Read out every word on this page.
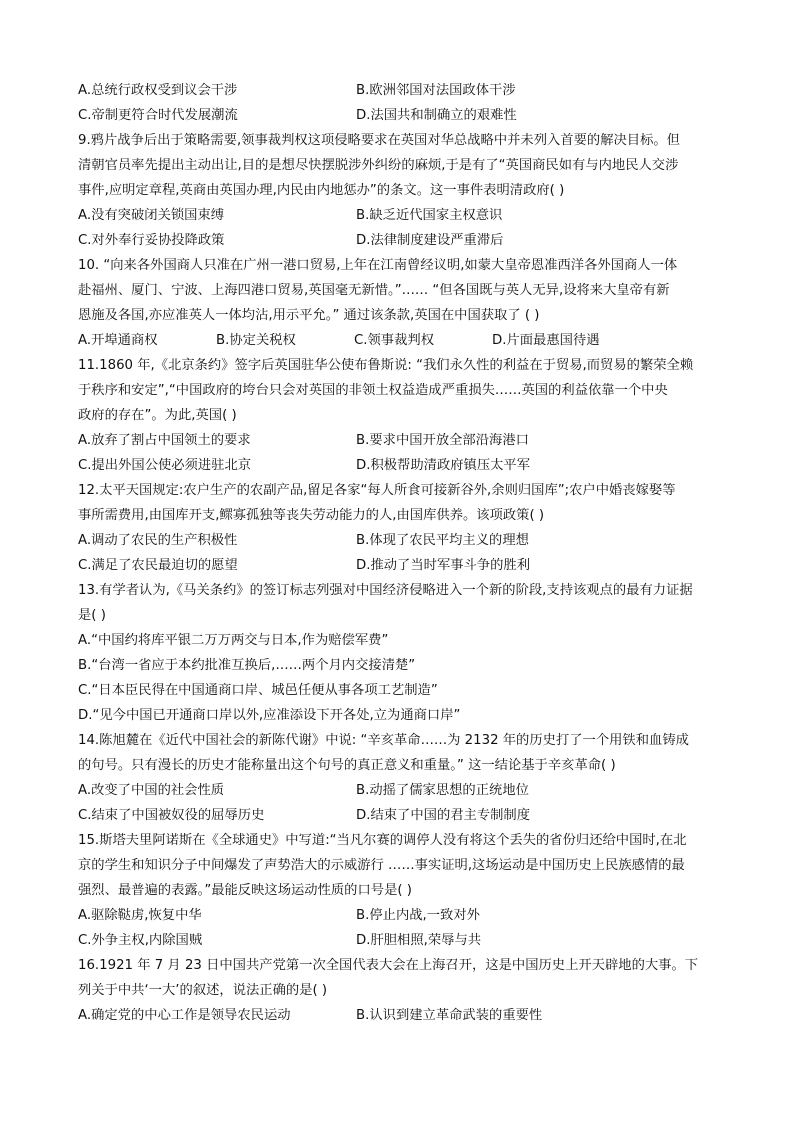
A.总统行政权受到议会干涉	B.欧洲邻国对法国政体干涉
C.帝制更符合时代发展潮流	D.法国共和制确立的艰难性
9.鸦片战争后出于策略需要,领事裁判权这项侵略要求在英国对华总战略中并未列入首要的解决目标。但
清朝官员率先提出主动出让,目的是想尽快摆脱涉外纠纷的麻烦,于是有了“英国商民如有与内地民人交涉
事件,应明定章程,英商由英国办理,内民由内地惩办”的条文。这一事件表明清政府( )
A.没有突破闭关锁国束缚	B.缺乏近代国家主权意识
C.对外奉行妥协投降政策	D.法律制度建设严重滞后
10. “向来各外国商人只准在广州一港口贸易,上年在江南曾经议明,如蒙大皇帝恩准西洋各外国商人一体
赴福州、厦门、宁波、上海四港口贸易,英国毫无新惜。”…… “但各国既与英人无异,设将来大皇帝有新
恩施及各国,亦应准英人一体均沾,用示平允。” 通过该条款,英国在中国获取了 ( )
A.开埠通商权	B.协定关税权	C.领事裁判权	D.片面最惠国待遇
11.1860 年,《北京条约》签字后英国驻华公使布鲁斯说: “我们永久性的利益在于贸易,而贸易的繁荣全赖
于秩序和安定”,“中国政府的垮台只会对英国的非领土权益造成严重损失……英国的利益依靠一个中央
政府的存在”。为此,英国( )
A.放弃了割占中国领土的要求	B.要求中国开放全部沿海港口
C.提出外国公使必须进驻北京	D.积极帮助清政府镇压太平军
12.太平天国规定:农户生产的农副产品,留足各家“每人所食可接新谷外,余则归国库”;农户中婚丧嫁娶等
事所需费用,由国库开支,鳏寡孤独等丧失劳动能力的人,由国库供养。该项政策( )
A.调动了农民的生产积极性	B.体现了农民平均主义的理想
C.满足了农民最迫切的愿望	D.推动了当时军事斗争的胜利
13.有学者认为,《马关条约》的签订标志列强对中国经济侵略进入一个新的阶段,支持该观点的最有力证据
是( )
A.“中国约将库平银二万万两交与日本,作为赔偿军费”
B.“台湾一省应于本约批准互换后,……两个月内交接清楚”
C.“日本臣民得在中国通商口岸、城邑任便从事各项工艺制造”
D.“见今中国已开通商口岸以外,应准添设下开各处,立为通商口岸”
14.陈旭麓在《近代中国社会的新陈代谢》中说: “辛亥革命……为 2132 年的历史打了一个用铁和血铸成
的句号。只有漫长的历史才能称量出这个句号的真正意义和重量。” 这一结论基于辛亥革命( )
A.改变了中国的社会性质	B.动摇了儒家思想的正统地位
C.结束了中国被奴役的屈辱历史	D.结束了中国的君主专制制度
15.斯塔夫里阿诺斯在《全球通史》中写道:“当凡尔赛的调停人没有将这个丢失的省份归还给中国时,在北
京的学生和知识分子中间爆发了声势浩大的示威游行 ……事实证明,这场运动是中国历史上民族感情的最
强烈、最普遍的表露。”最能反映这场运动性质的口号是( )
A.驱除鞑虏,恢复中华	B.停止内战,一致对外
C.外争主权,内除国贼	D.肝胆相照,荣辱与共
16.1921 年 7 月 23 日中国共产党第一次全国代表大会在上海召开，这是中国历史上开天辟地的大事。下
列关于中共‘一大’的叙述，说法正确的是( )
A.确定党的中心工作是领导农民运动	B.认识到建立革命武装的重要性
